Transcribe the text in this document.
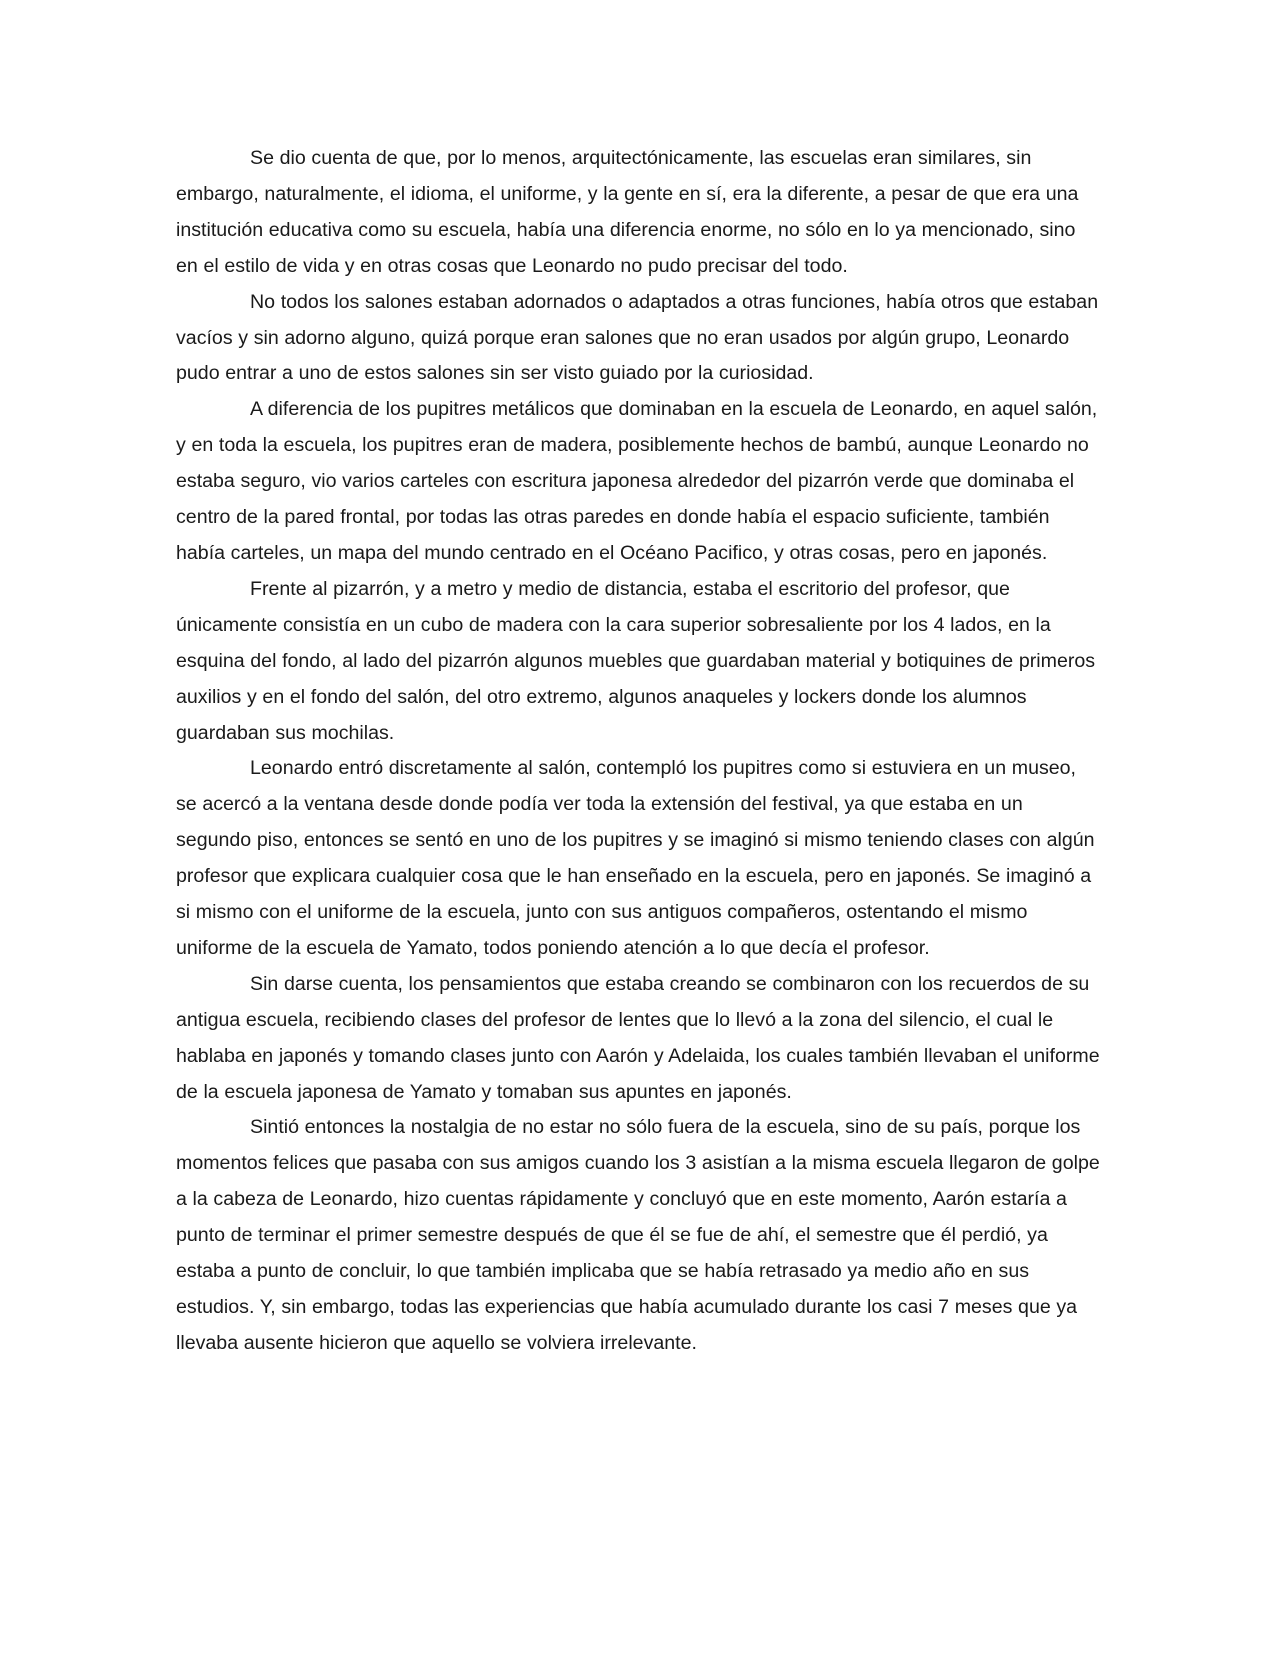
Se dio cuenta de que, por lo menos, arquitectónicamente, las escuelas eran similares, sin embargo, naturalmente, el idioma, el uniforme, y la gente en sí, era la diferente, a pesar de que era una institución educativa como su escuela, había una diferencia enorme, no sólo en lo ya mencionado, sino en el estilo de vida y en otras cosas que Leonardo no pudo precisar del todo.

No todos los salones estaban adornados o adaptados a otras funciones, había otros que estaban vacíos y sin adorno alguno, quizá porque eran salones que no eran usados por algún grupo, Leonardo pudo entrar a uno de estos salones sin ser visto guiado por la curiosidad.

A diferencia de los pupitres metálicos que dominaban en la escuela de Leonardo, en aquel salón, y en toda la escuela, los pupitres eran de madera, posiblemente hechos de bambú, aunque Leonardo no estaba seguro, vio varios carteles con escritura japonesa alrededor del pizarrón verde que dominaba el centro de la pared frontal, por todas las otras paredes en donde había el espacio suficiente, también había carteles, un mapa del mundo centrado en el Océano Pacifico, y otras cosas, pero en japonés.

Frente al pizarrón, y a metro y medio de distancia, estaba el escritorio del profesor, que únicamente consistía en un cubo de madera con la cara superior sobresaliente por los 4 lados, en la esquina del fondo, al lado del pizarrón algunos muebles que guardaban material y botiquines de primeros auxilios y en el fondo del salón, del otro extremo, algunos anaqueles y lockers donde los alumnos guardaban sus mochilas.

Leonardo entró discretamente al salón, contempló los pupitres como si estuviera en un museo, se acercó a la ventana desde donde podía ver toda la extensión del festival, ya que estaba en un segundo piso, entonces se sentó en uno de los pupitres y se imaginó si mismo teniendo clases con algún profesor que explicara cualquier cosa que le han enseñado en la escuela, pero en japonés. Se imaginó a si mismo con el uniforme de la escuela, junto con sus antiguos compañeros, ostentando el mismo uniforme de la escuela de Yamato, todos poniendo atención a lo que decía el profesor.

Sin darse cuenta, los pensamientos que estaba creando se combinaron con los recuerdos de su antigua escuela, recibiendo clases del profesor de lentes que lo llevó a la zona del silencio, el cual le hablaba en japonés y tomando clases junto con Aarón y Adelaida, los cuales también llevaban el uniforme de la escuela japonesa de Yamato y tomaban sus apuntes en japonés.

Sintió entonces la nostalgia de no estar no sólo fuera de la escuela, sino de su país, porque los momentos felices que pasaba con sus amigos cuando los 3 asistían a la misma escuela llegaron de golpe a la cabeza de Leonardo, hizo cuentas rápidamente y concluyó que en este momento, Aarón estaría a punto de terminar el primer semestre después de que él se fue de ahí, el semestre que él perdió, ya estaba a punto de concluir, lo que también implicaba que se había retrasado ya medio año en sus estudios. Y, sin embargo, todas las experiencias que había acumulado durante los casi 7 meses que ya llevaba ausente hicieron que aquello se volviera irrelevante.
